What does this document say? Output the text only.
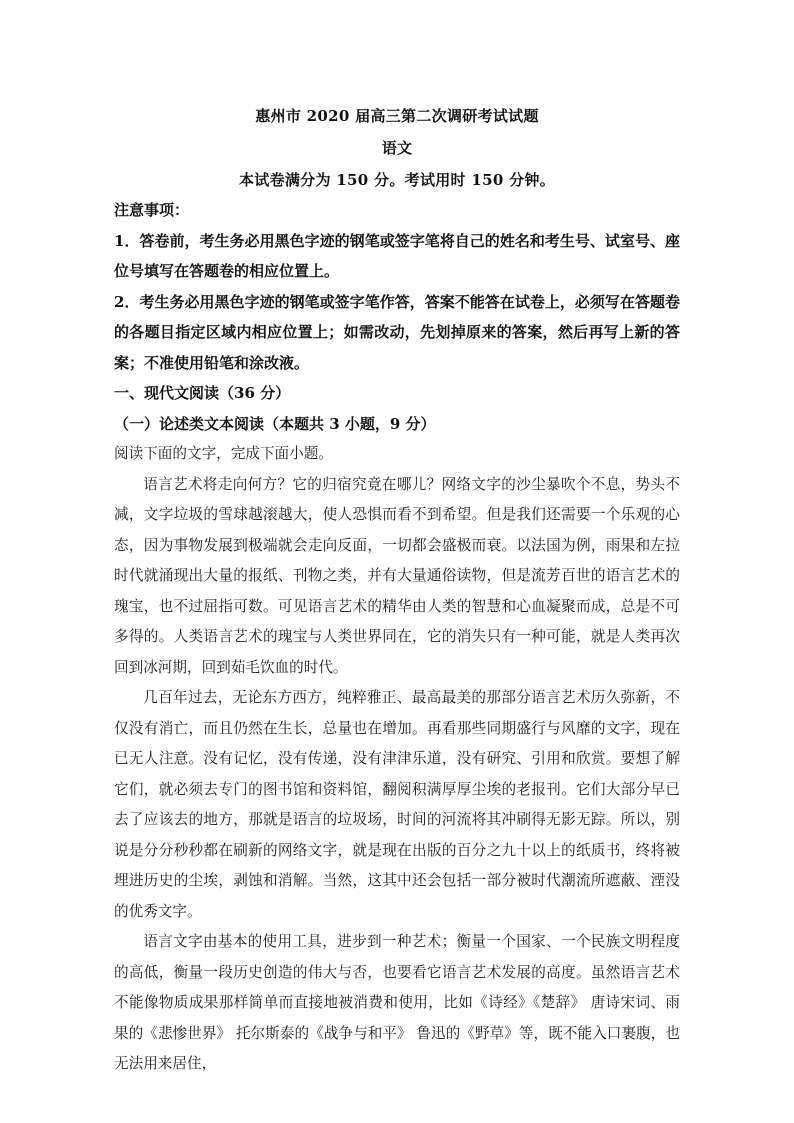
惠州市 2020 届高三第二次调研考试试题
语文
本试卷满分为 150 分。考试用时 150 分钟。

注意事项：

1．答卷前，考生务必用黑色字迹的钢笔或签字笔将自己的姓名和考生号、试室号、座位号填写在答题卷的相应位置上。

2．考生务必用黑色字迹的钢笔或签字笔作答，答案不能答在试卷上，必须写在答题卷的各题目指定区域内相应位置上；如需改动，先划掉原来的答案，然后再写上新的答案；不准使用铅笔和涂改液。

一、现代文阅读（36 分）

（一）论述类文本阅读（本题共 3 小题，9 分）

阅读下面的文字，完成下面小题。

语言艺术将走向何方？它的归宿究竟在哪儿？网络文字的沙尘暴吹个不息，势头不减，文字垃圾的雪球越滚越大，使人恐惧而看不到希望。但是我们还需要一个乐观的心态，因为事物发展到极端就会走向反面，一切都会盛极而衰。以法国为例，雨果和左拉时代就涌现出大量的报纸、刊物之类，并有大量通俗读物，但是流芳百世的语言艺术的瑰宝，也不过屈指可数。可见语言艺术的精华由人类的智慧和心血凝聚而成，总是不可多得的。人类语言艺术的瑰宝与人类世界同在，它的消失只有一种可能，就是人类再次回到冰河期，回到茹毛饮血的时代。

几百年过去，无论东方西方，纯粹雅正、最高最美的那部分语言艺术历久弥新，不仅没有消亡，而且仍然在生长，总量也在增加。再看那些同期盛行与风靡的文字，现在已无人注意。没有记忆，没有传递，没有津津乐道，没有研究、引用和欣赏。要想了解它们，就必须去专门的图书馆和资料馆，翻阅积满厚厚尘埃的老报刊。它们大部分早已去了应该去的地方，那就是语言的垃圾场，时间的河流将其冲刷得无影无踪。所以，别说是分分秒秒都在刷新的网络文字，就是现在出版的百分之九十以上的纸质书，终将被埋进历史的尘埃，剥蚀和消解。当然，这其中还会包括一部分被时代潮流所遮蔽、湮没的优秀文字。

语言文字由基本的使用工具，进步到一种艺术；衡量一个国家、一个民族文明程度的高低，衡量一段历史创造的伟大与否，也要看它语言艺术发展的高度。虽然语言艺术不能像物质成果那样简单而直接地被消费和使用，比如《诗经》《楚辞》 唐诗宋词、雨果的《悲惨世界》 托尔斯泰的《战争与和平》 鲁迅的《野草》等，既不能入口裹腹，也无法用来居住，
